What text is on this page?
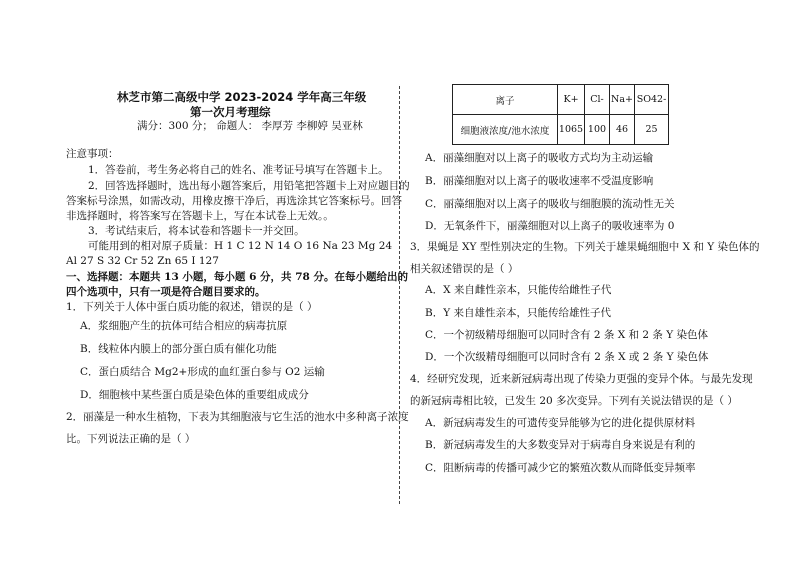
林芝市第二高级中学 2023-2024 学年高三年级
第一次月考理综
满分：300 分； 命题人： 李厚芳 李柳婷 吴亚林
注意事项：
1．答卷前，考生务必将自己的姓名、准考证号填写在答题卡上。
2．回答选择题时，选出每小题答案后，用铅笔把答题卡上对应题目的
答案标号涂黑，如需改动，用橡皮擦干净后，再选涂其它答案标号。回答
非选择题时，将答案写在答题卡上，写在本试卷上无效。。
3．考试结束后，将本试卷和答题卡一并交回。
可能用到的相对原子质量：H 1 C 12 N 14 O 16 Na 23 Mg 24
Al 27 S 32 Cr 52 Zn 65 I 127
一、选择题：本题共 13 小题，每小题 6 分，共 78 分。在每小题给出的
四个选项中，只有一项是符合题目要求的。
1．下列关于人体中蛋白质功能的叙述，错误的是（ ）
A．浆细胞产生的抗体可结合相应的病毒抗原
B．线粒体内膜上的部分蛋白质有催化功能
C．蛋白质结合 Mg2+形成的血红蛋白参与 O2 运输
D．细胞核中某些蛋白质是染色体的重要组成成分
2．丽藻是一种水生植物，下表为其细胞液与它生活的池水中多种离子浓度
比。下列说法正确的是（ ）
离子	K+	Cl-	Na+	SO42-
细胞液浓度/池水浓度	1065	100	46	25
A．丽藻细胞对以上离子的吸收方式均为主动运输
B．丽藻细胞对以上离子的吸收速率不受温度影响
C．丽藻细胞对以上离子的吸收与细胞膜的流动性无关
D．无氧条件下，丽藻细胞对以上离子的吸收速率为 0
3．果蝇是 XY 型性别决定的生物。下列关于雄果蝇细胞中 X 和 Y 染色体的
相关叙述错误的是（ ）
A．X 来自雌性亲本，只能传给雌性子代
B．Y 来自雄性亲本，只能传给雄性子代
C．一个初级精母细胞可以同时含有 2 条 X 和 2 条 Y 染色体
D．一个次级精母细胞可以同时含有 2 条 X 或 2 条 Y 染色体
4．经研究发现，近来新冠病毒出现了传染力更强的变异个体。与最先发现
的新冠病毒相比较，已发生 20 多次变异。下列有关说法错误的是（ ）
A．新冠病毒发生的可遗传变异能够为它的进化提供原材料
B．新冠病毒发生的大多数变异对于病毒自身来说是有利的
C．阻断病毒的传播可减少它的繁殖次数从而降低变异频率
